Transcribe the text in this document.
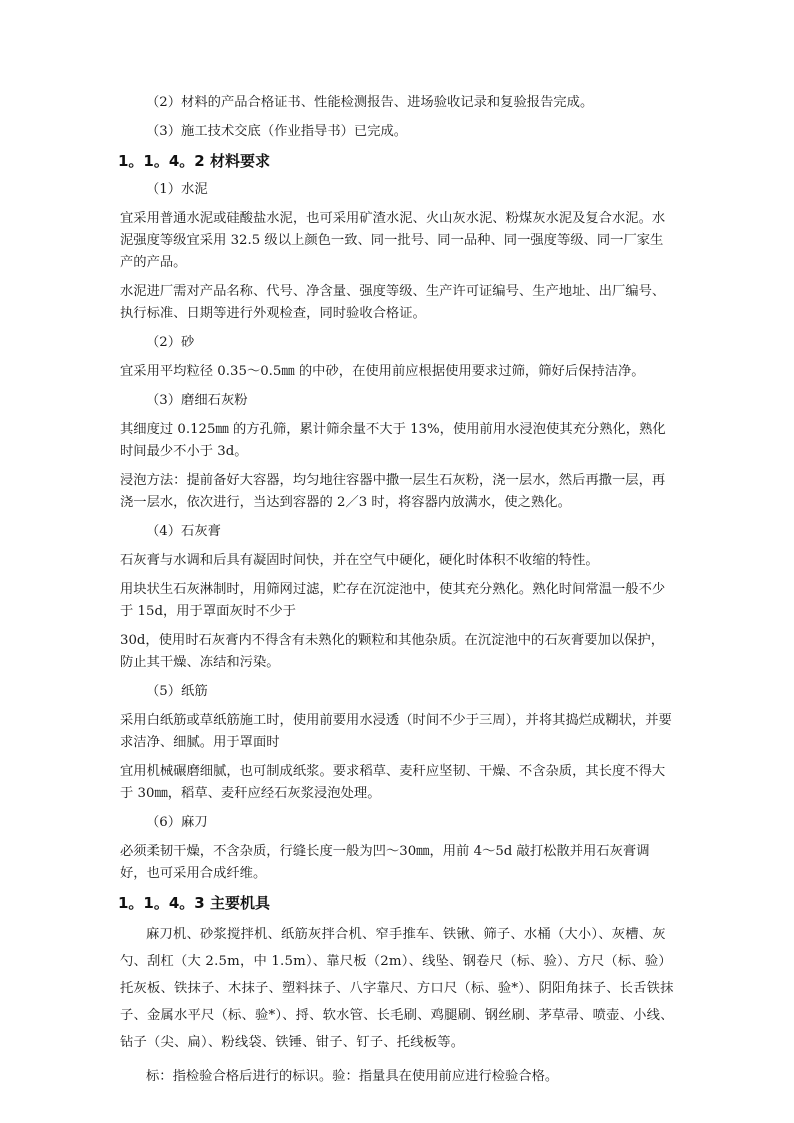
（2）材料的产品合格证书、性能检测报告、进场验收记录和复验报告完成。

（3）施工技术交底（作业指导书）已完成。

1。1。4。2 材料要求

（1）水泥

宜采用普通水泥或硅酸盐水泥，也可采用矿渣水泥、火山灰水泥、粉煤灰水泥及复合水泥。水泥强度等级宜采用 32.5 级以上颜色一致、同一批号、同一品种、同一强度等级、同一厂家生产的产品。

水泥进厂需对产品名称、代号、净含量、强度等级、生产许可证编号、生产地址、出厂编号、执行标准、日期等进行外观检查，同时验收合格证。

（2）砂

宜采用平均粒径 0.35～0.5㎜ 的中砂，在使用前应根据使用要求过筛，筛好后保持洁净。

（3）磨细石灰粉

其细度过 0.125㎜ 的方孔筛，累计筛余量不大于 13%，使用前用水浸泡使其充分熟化，熟化时间最少不小于 3d。

浸泡方法：提前备好大容器，均匀地往容器中撒一层生石灰粉，浇一层水，然后再撒一层，再浇一层水，依次进行，当达到容器的 2／3 时，将容器内放满水，使之熟化。

（4）石灰膏

石灰膏与水调和后具有凝固时间快，并在空气中硬化，硬化时体积不收缩的特性。

用块状生石灰淋制时，用筛网过滤，贮存在沉淀池中，使其充分熟化。熟化时间常温一般不少于 15d，用于罩面灰时不少于

30d，使用时石灰膏内不得含有未熟化的颗粒和其他杂质。在沉淀池中的石灰膏要加以保护，防止其干燥、冻结和污染。

（5）纸筋

采用白纸筋或草纸筋施工时，使用前要用水浸透（时间不少于三周），并将其捣烂成糊状，并要求洁净、细腻。用于罩面时

宜用机械碾磨细腻，也可制成纸浆。要求稻草、麦秆应坚韧、干燥、不含杂质，其长度不得大于 30㎜，稻草、麦秆应经石灰浆浸泡处理。

（6）麻刀

必须柔韧干燥，不含杂质，行缝长度一般为凹～30㎜，用前 4～5d 敲打松散并用石灰膏调好，也可采用合成纤维。

1。1。4。3 主要机具

麻刀机、砂浆搅拌机、纸筋灰拌合机、窄手推车、铁锹、筛子、水桶（大小）、灰槽、灰勺、刮杠（大 2.5m，中 1.5m）、靠尺板（2m）、线坠、钢卷尺（标、验）、方尺（标、验）托灰板、铁抹子、木抹子、塑料抹子、八字靠尺、方口尺（标、验*）、阴阳角抹子、长舌铁抹子、金属水平尺（标、验*）、捋、软水管、长毛刷、鸡腿刷、钢丝刷、茅草帚、喷壶、小线、钻子（尖、扁）、粉线袋、铁锤、钳子、钉子、托线板等。

标：指检验合格后进行的标识。验：指量具在使用前应进行检验合格。
